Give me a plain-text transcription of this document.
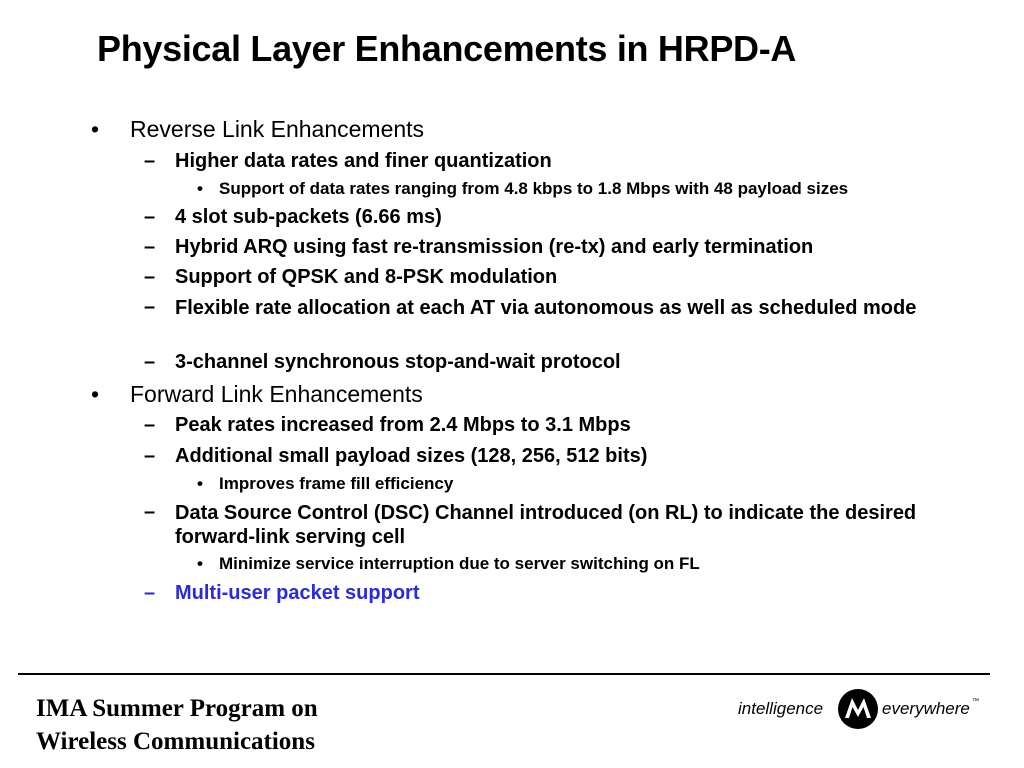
Physical Layer Enhancements in HRPD-A
• Reverse Link Enhancements
– Higher data rates and finer quantization
• Support of data rates ranging from 4.8 kbps to 1.8 Mbps with 48 payload sizes
– 4 slot sub-packets (6.66 ms)
– Hybrid ARQ using fast re-transmission (re-tx) and early termination
– Support of QPSK and 8-PSK modulation
– Flexible rate allocation at each AT via autonomous as well as scheduled mode
– 3-channel synchronous stop-and-wait protocol
• Forward Link Enhancements
– Peak rates increased from 2.4 Mbps to 3.1 Mbps
– Additional small payload sizes (128, 256, 512 bits)
• Improves frame fill efficiency
– Data Source Control (DSC) Channel introduced (on RL) to indicate the desired forward-link serving cell
• Minimize service interruption due to server switching on FL
– Multi-user packet support
IMA Summer Program on
Wireless Communications
intelligence	everywhere ™
